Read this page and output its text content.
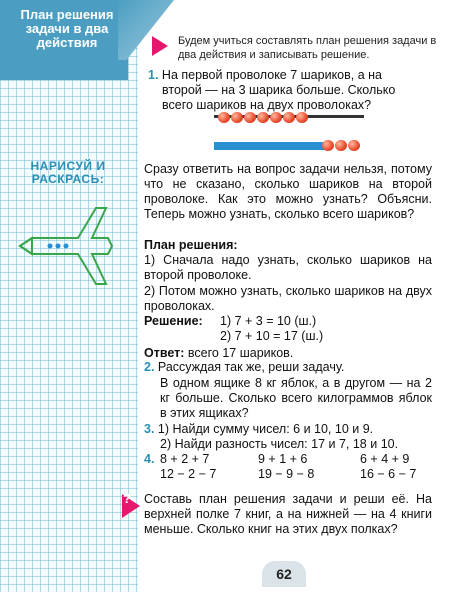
План решения задачи в два действия
НАРИСУЙ И РАСКРАСЬ:
Будем учиться составлять план решения задачи в два действия и записывать решение.
1. На первой проволоке 7 шариков, а на
второй — на 3 шарика больше. Сколько
всего шариков на двух проволоках?
Сразу ответить на вопрос задачи нельзя, потому что не сказано, сколько шариков на второй проволоке. Как это можно узнать? Объясни. Теперь можно узнать, сколько всего шариков?
План решения:
1) Сначала надо узнать, сколько шариков на второй проволоке.
2) Потом можно узнать, сколько шариков на двух проволоках.
Решение: 1) 7 + 3 = 10 (ш.)
2) 7 + 10 = 17 (ш.)
Ответ: всего 17 шариков.
2. Рассуждая так же, реши задачу.
В одном ящике 8 кг яблок, а в другом — на 2 кг больше. Сколько всего килограммов яблок в этих ящиках?
3. 1) Найди сумму чисел: 6 и 10, 10 и 9.
2) Найди разность чисел: 17 и 7, 18 и 10.
4. 8 + 2 + 7	9 + 1 + 6	6 + 4 + 9
12 − 2 − 7	19 − 9 − 8	16 − 6 − 7
Составь план решения задачи и реши её. На верхней полке 7 книг, а на нижней — на 4 книги меньше. Сколько книг на этих двух полках?
?
62
